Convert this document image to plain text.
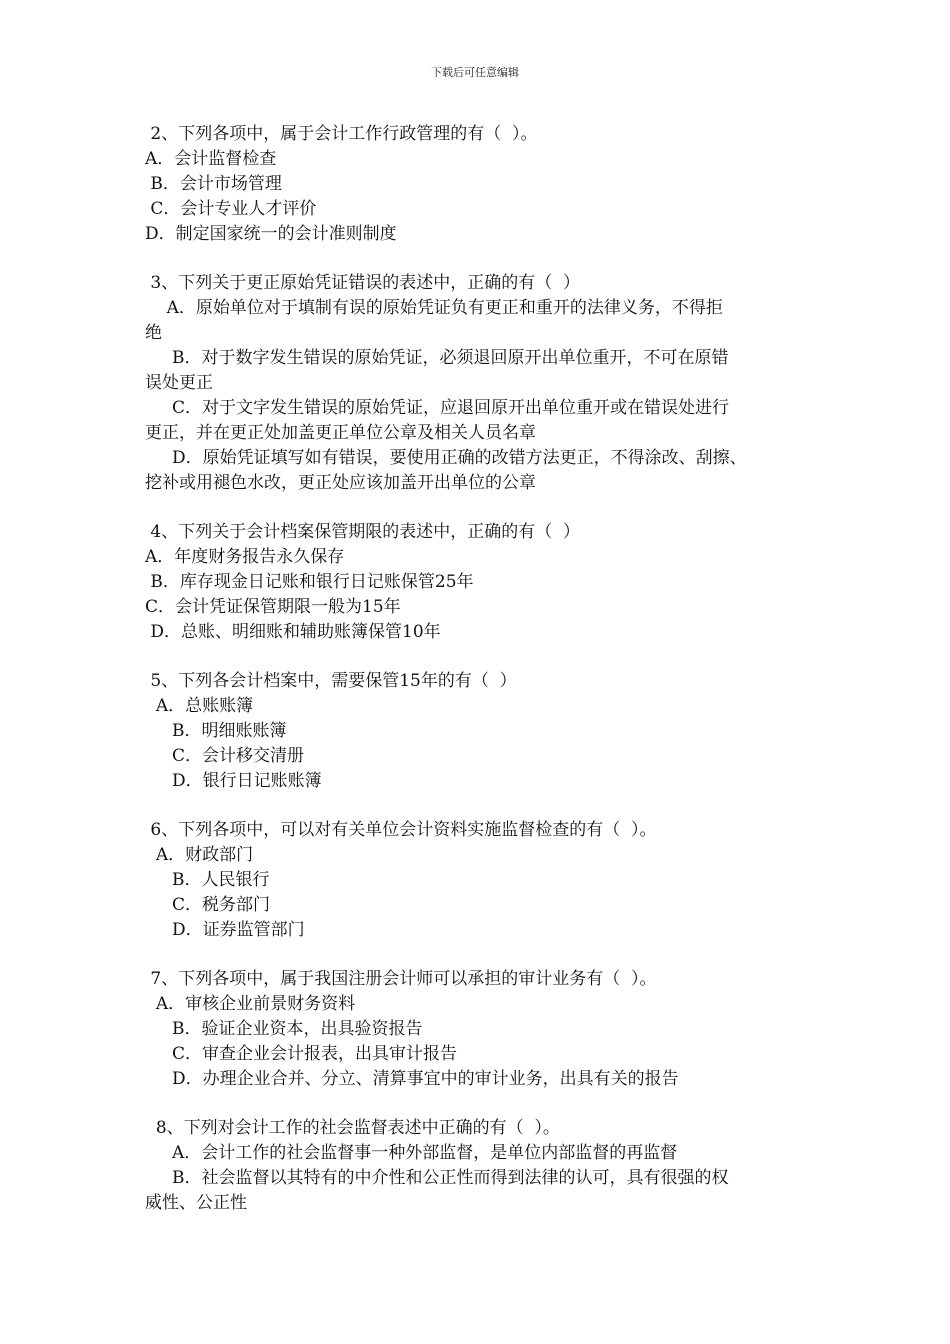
下载后可任意编辑

2、下列各项中，属于会计工作行政管理的有（  ）。

A．会计监督检查

B．会计市场管理

C．会计专业人才评价

D．制定国家统一的会计准则制度

3、下列关于更正原始凭证错误的表述中，正确的有（  ）

A．原始单位对于填制有误的原始凭证负有更正和重开的法律义务，不得拒

绝

B．对于数字发生错误的原始凭证，必须退回原开出单位重开，不可在原错

误处更正

C．对于文字发生错误的原始凭证，应退回原开出单位重开或在错误处进行

更正，并在更正处加盖更正单位公章及相关人员名章

D．原始凭证填写如有错误，要使用正确的改错方法更正，不得涂改、刮擦、

挖补或用褪色水改，更正处应该加盖开出单位的公章

4、下列关于会计档案保管期限的表述中，正确的有（  ）

A．年度财务报告永久保存

B．库存现金日记账和银行日记账保管25年

C．会计凭证保管期限一般为15年

D．总账、明细账和辅助账簿保管10年

5、下列各会计档案中，需要保管15年的有（  ）

A．总账账簿

B．明细账账簿

C．会计移交清册

D．银行日记账账簿

6、下列各项中，可以对有关单位会计资料实施监督检查的有（  ）。

A．财政部门

B．人民银行

C．税务部门

D．证券监管部门

7、下列各项中，属于我国注册会计师可以承担的审计业务有（  ）。

A．审核企业前景财务资料

B．验证企业资本，出具验资报告

C．审查企业会计报表，出具审计报告

D．办理企业合并、分立、清算事宜中的审计业务，出具有关的报告

8、下列对会计工作的社会监督表述中正确的有（  ）。

A．会计工作的社会监督事一种外部监督，是单位内部监督的再监督

B．社会监督以其特有的中介性和公正性而得到法律的认可，具有很强的权

威性、公正性
